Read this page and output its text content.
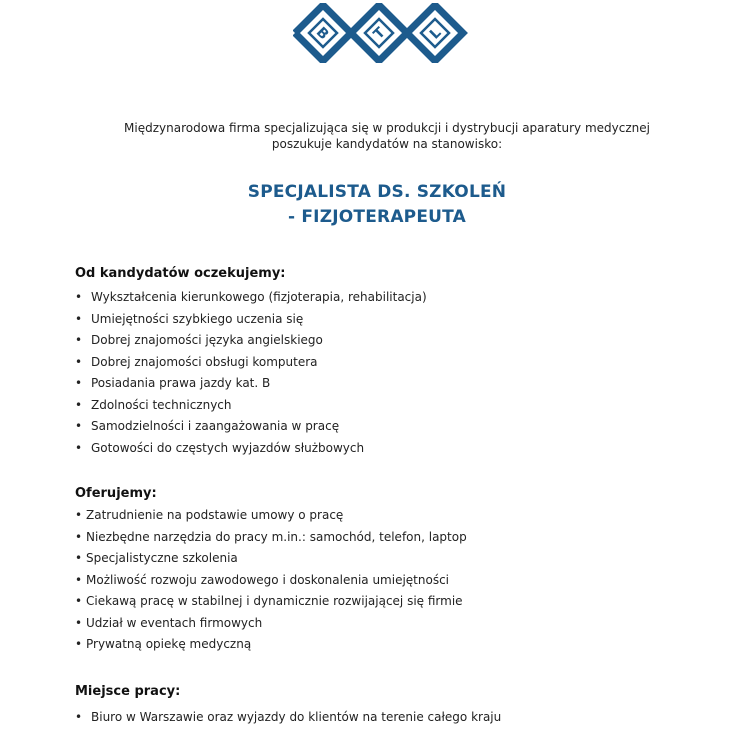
B	T	L
Międzynarodowa firma specjalizująca się w produkcji i dystrybucji aparatury medycznej
poszukuje kandydatów na stanowisko:
SPECJALISTA DS. SZKOLEŃ
- FIZJOTERAPEUTA
Od kandydatów oczekujemy:
• Wykształcenia kierunkowego (fizjoterapia, rehabilitacja)
• Umiejętności szybkiego uczenia się
• Dobrej znajomości języka angielskiego
• Dobrej znajomości obsługi komputera
• Posiadania prawa jazdy kat. B
• Zdolności technicznych
• Samodzielności i zaangażowania w pracę
• Gotowości do częstych wyjazdów służbowych
Oferujemy:
• Zatrudnienie na podstawie umowy o pracę
• Niezbędne narzędzia do pracy m.in.: samochód, telefon, laptop
• Specjalistyczne szkolenia
• Możliwość rozwoju zawodowego i doskonalenia umiejętności
• Ciekawą pracę w stabilnej i dynamicznie rozwijającej się firmie
• Udział w eventach firmowych
• Prywatną opiekę medyczną
Miejsce pracy:
• Biuro w Warszawie oraz wyjazdy do klientów na terenie całego kraju
